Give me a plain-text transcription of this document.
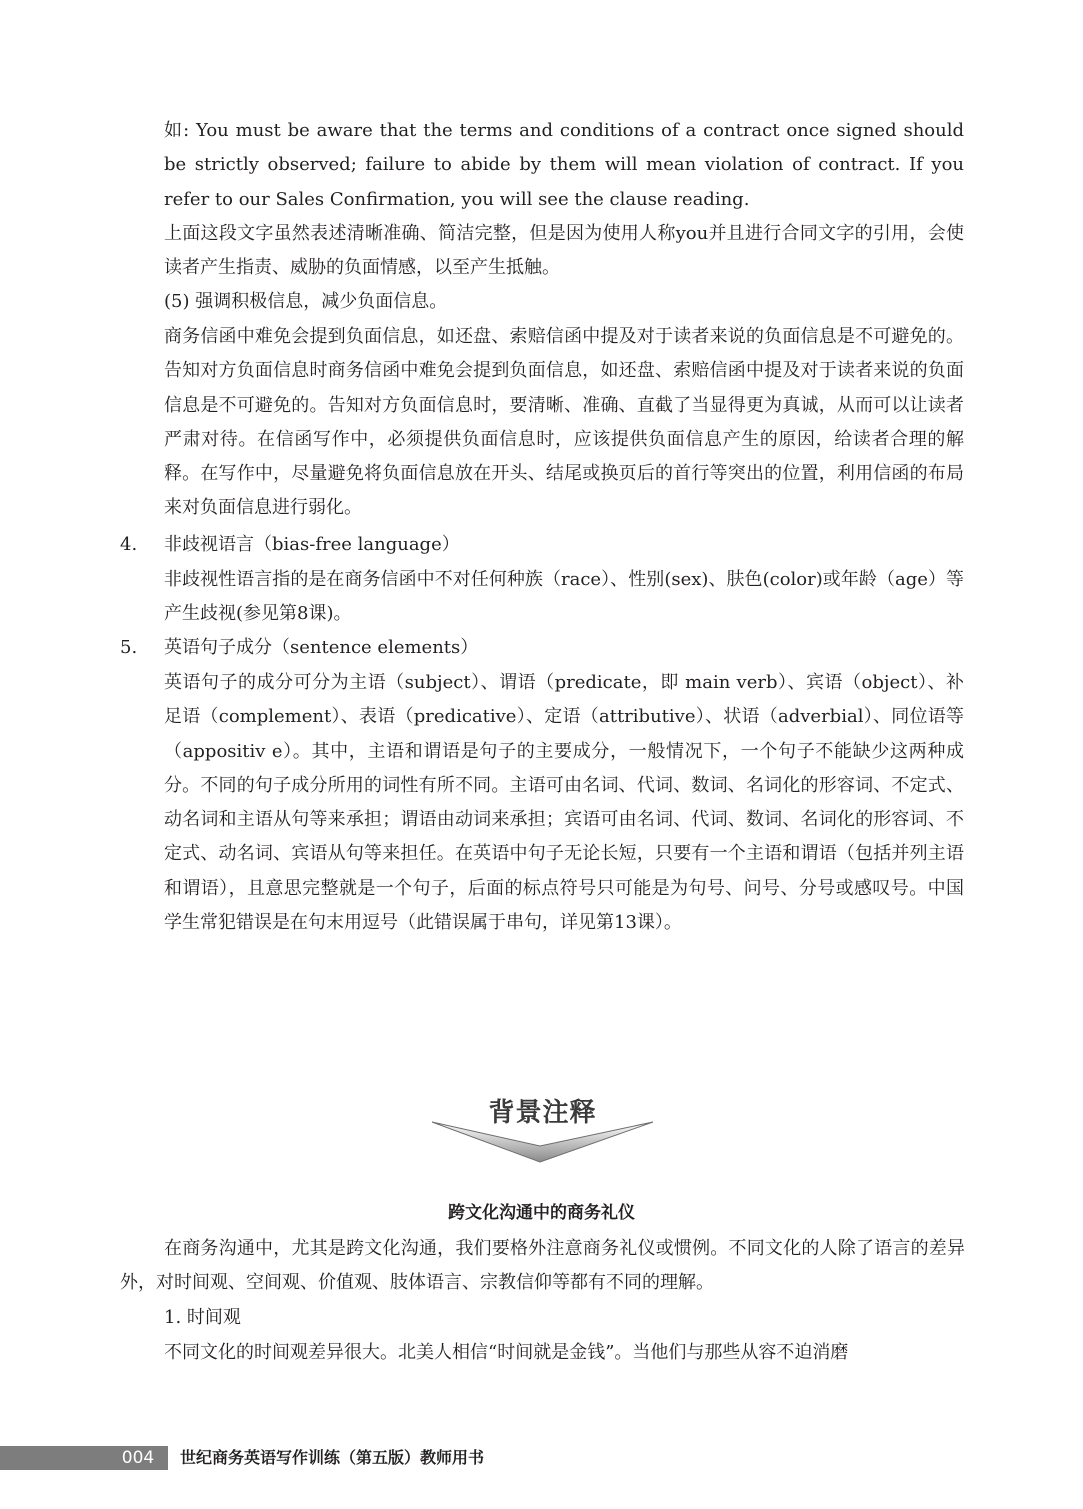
如: You must be aware that the terms and conditions of a contract once signed should be strictly observed; failure to abide by them will mean violation of contract. If you refer to our Sales Confirmation, you will see the clause reading.

上面这段文字虽然表述清晰准确、简洁完整，但是因为使用人称you并且进行合同文字的引用，会使读者产生指责、威胁的负面情感，以至产生抵触。

(5) 强调积极信息，减少负面信息。

商务信函中难免会提到负面信息，如还盘、索赔信函中提及对于读者来说的负面信息是不可避免的。告知对方负面信息时商务信函中难免会提到负面信息，如还盘、索赔信函中提及对于读者来说的负面信息是不可避免的。告知对方负面信息时，要清晰、准确、直截了当显得更为真诚，从而可以让读者严肃对待。在信函写作中，必须提供负面信息时，应该提供负面信息产生的原因，给读者合理的解释。在写作中，尽量避免将负面信息放在开头、结尾或换页后的首行等突出的位置，利用信函的布局来对负面信息进行弱化。

4. 非歧视语言（bias-free language）

非歧视性语言指的是在商务信函中不对任何种族（race）、性别(sex)、肤色(color)或年龄（age）等产生歧视(参见第8课)。

5. 英语句子成分（sentence elements）

英语句子的成分可分为主语（subject）、谓语（predicate，即 main verb）、宾语（object）、补足语（complement）、表语（predicative）、定语（attributive）、状语（adverbial）、同位语等（appositiv e）。其中，主语和谓语是句子的主要成分，一般情况下，一个句子不能缺少这两种成分。不同的句子成分所用的词性有所不同。主语可由名词、代词、数词、名词化的形容词、不定式、动名词和主语从句等来承担；谓语由动词来承担；宾语可由名词、代词、数词、名词化的形容词、不定式、动名词、宾语从句等来担任。在英语中句子无论长短，只要有一个主语和谓语（包括并列主语和谓语），且意思完整就是一个句子，后面的标点符号只可能是为句号、问号、分号或感叹号。中国学生常犯错误是在句末用逗号（此错误属于串句，详见第13课）。

背景注释
跨文化沟通中的商务礼仪

在商务沟通中，尤其是跨文化沟通，我们要格外注意商务礼仪或惯例。不同文化的人除了语言的差异外，对时间观、空间观、价值观、肢体语言、宗教信仰等都有不同的理解。

1. 时间观

不同文化的时间观差异很大。北美人相信“时间就是金钱”。当他们与那些从容不迫消磨

004 世纪商务英语写作训练（第五版）教师用书
